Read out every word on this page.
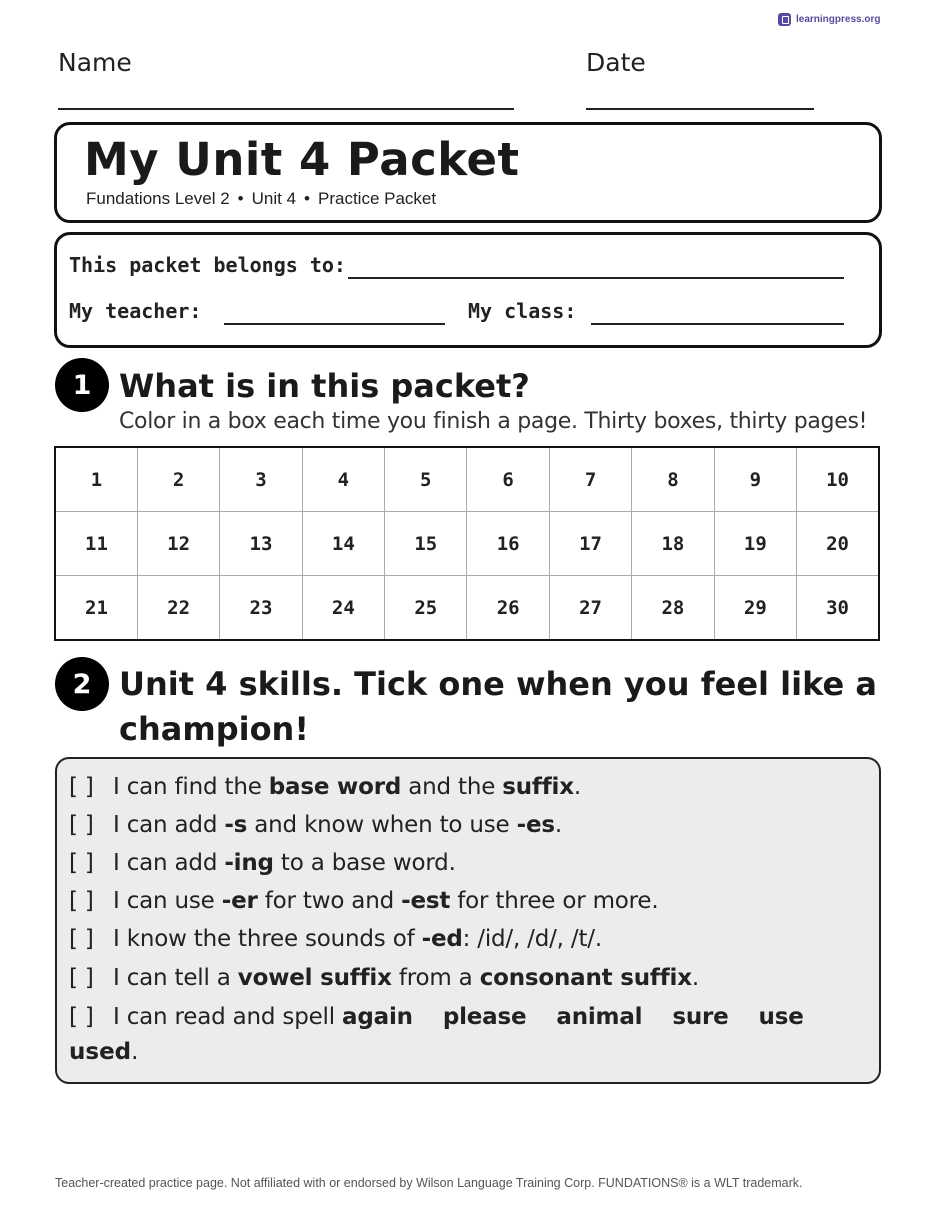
learningpress.org
Name	Date
My Unit 4 Packet
Fundations Level 2 • Unit 4 • Practice Packet
This packet belongs to:
My teacher:	My class:
1 What is in this packet?
Color in a box each time you finish a page. Thirty boxes, thirty pages!
1	2	3	4	5	6	7	8	9	10
11	12	13	14	15	16	17	18	19	20
21	22	23	24	25	26	27	28	29	30
2 Unit 4 skills. Tick one when you feel like a
champion!
[ ] I can find the base word and the suffix.
[ ] I can add -s and know when to use -es.
[ ] I can add -ing to a base word.
[ ] I can use -er for two and -est for three or more.
[ ] I know the three sounds of -ed: /id/, /d/, /t/.
[ ] I can tell a vowel suffix from a consonant suffix.
[ ] I can read and spell again please animal sure use
used.
Teacher-created practice page. Not affiliated with or endorsed by Wilson Language Training Corp. FUNDATIONS® is a WLT trademark.
